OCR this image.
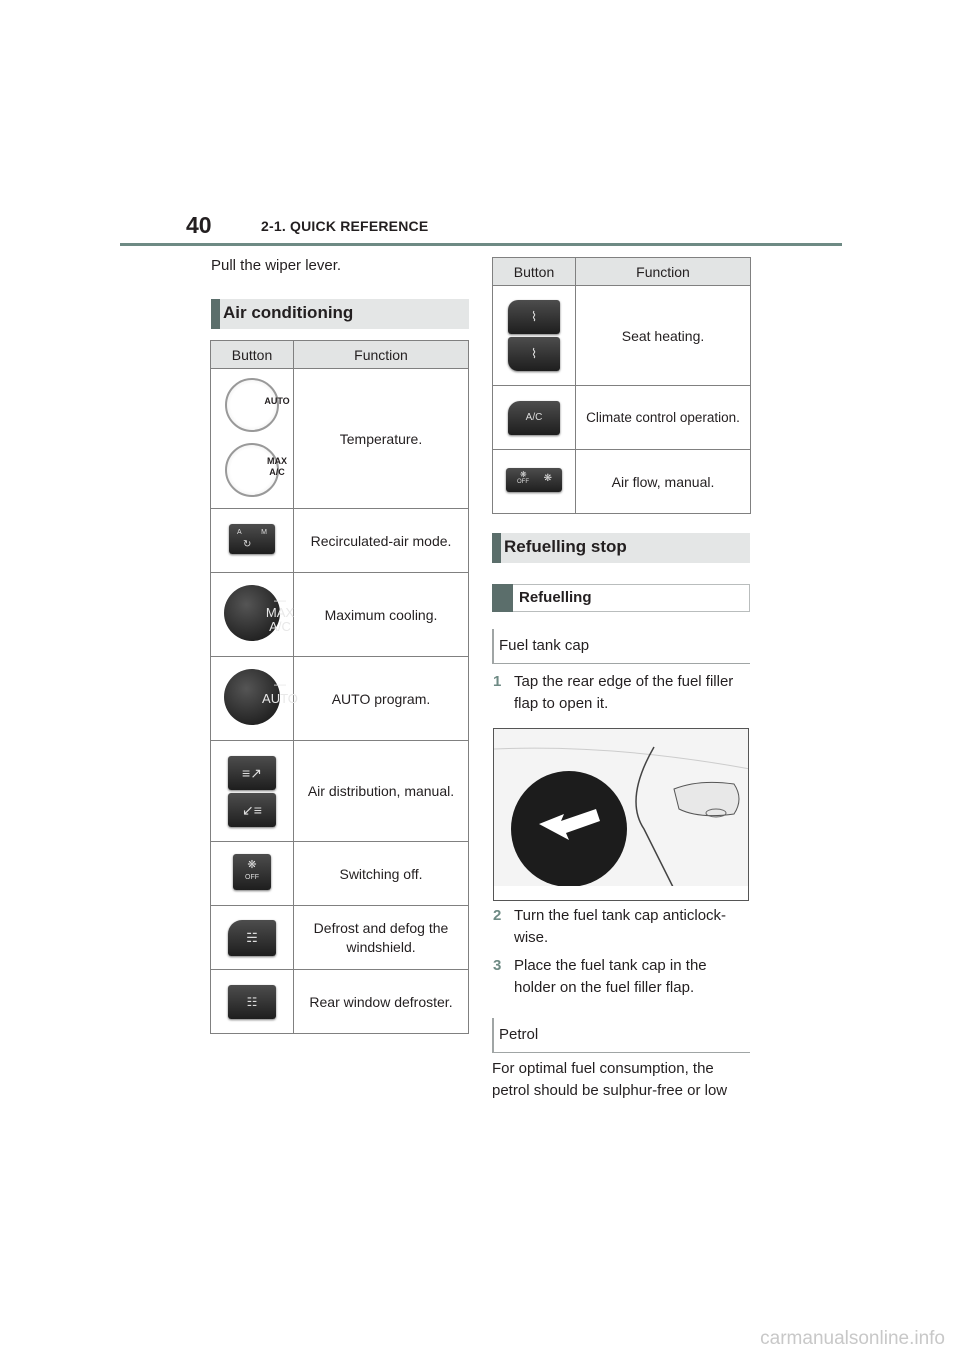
40	2-1. QUICK REFERENCE
Pull the wiper lever.
Air conditioning
Button	Function

AUTO

MAX
A/C	Temperature.

A M
↻	Recirculated-air mode.

—
MAX
A/C	Maximum cooling.

—
AUTO	AUTO program.
≡↗
↙≡	Air distribution, manual.

❋
OFF	Switching off.
☵	Defrost and defog the windshield.
☷	Rear window defroster.
Button	Function
⌇
⌇	Seat heating.
A/C	Climate control operation.

❋
OFF ❋	Air flow, manual.
Refuelling stop
Refuelling
Fuel tank cap
1 Tap the rear edge of the fuel filler flap to open it.
2 Turn the fuel tank cap anticlock-wise.
3 Place the fuel tank cap in the holder on the fuel filler flap.
Petrol
For optimal fuel consumption, the petrol should be sulphur-free or low
carmanualsonline.info
